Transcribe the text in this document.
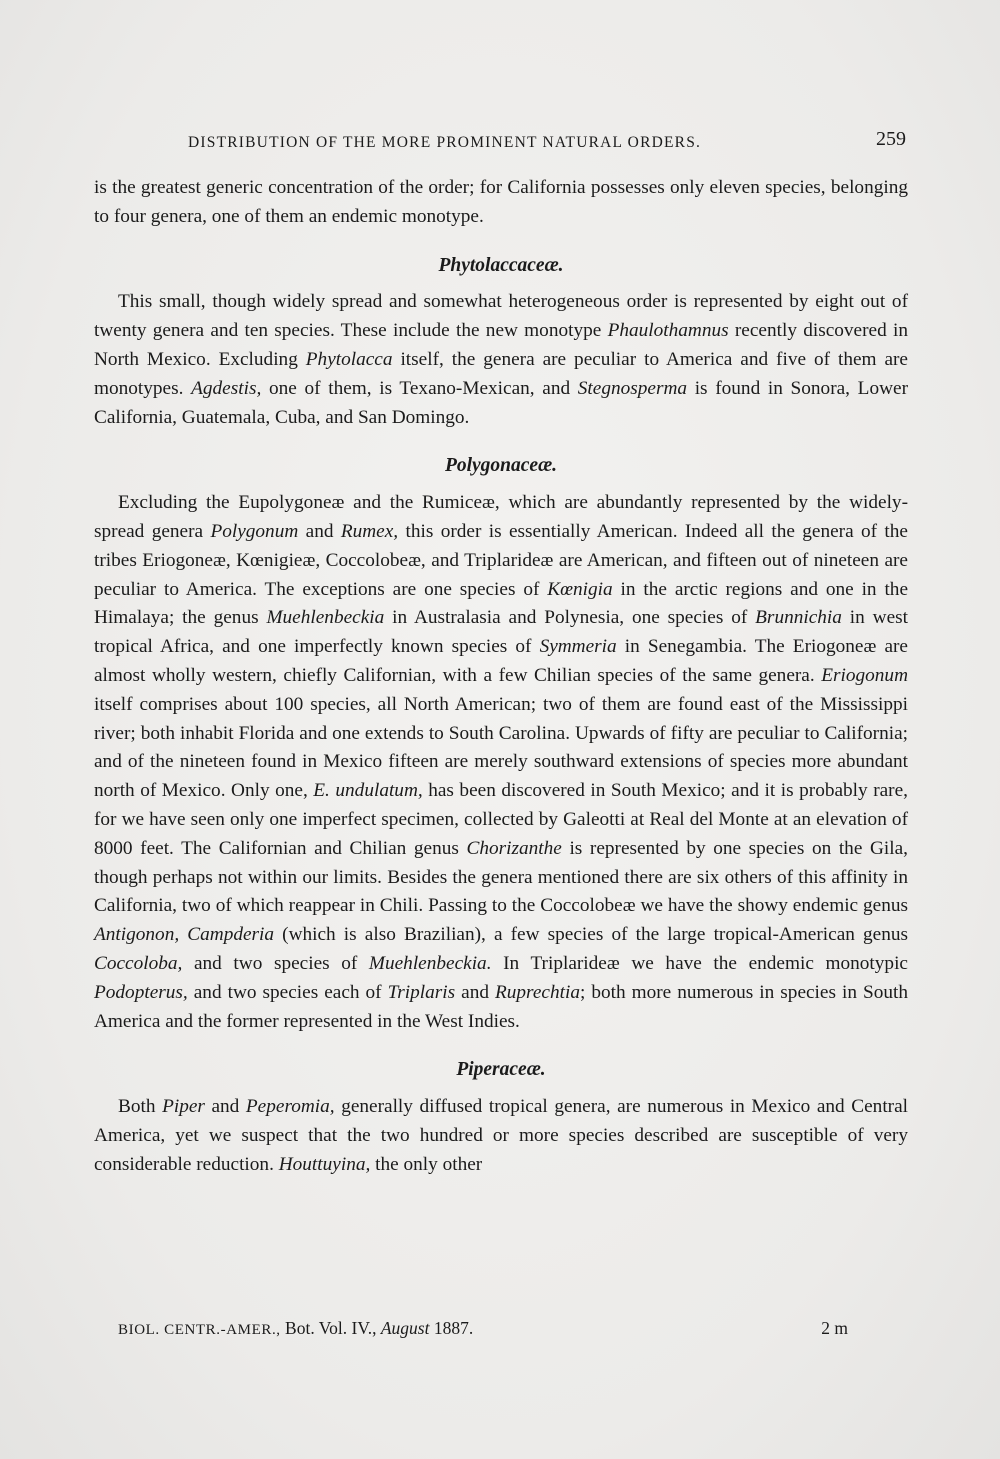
DISTRIBUTION OF THE MORE PROMINENT NATURAL ORDERS.	259

is the greatest generic concentration of the order; for California possesses only eleven species, belonging to four genera, one of them an endemic monotype.

Phytolaccaceæ.

This small, though widely spread and somewhat heterogeneous order is represented by eight out of twenty genera and ten species. These include the new monotype Phaulothamnus recently discovered in North Mexico. Excluding Phytolacca itself, the genera are peculiar to America and five of them are monotypes. Agdestis, one of them, is Texano-Mexican, and Stegnosperma is found in Sonora, Lower California, Guatemala, Cuba, and San Domingo.

Polygonaceæ.

Excluding the Eupolygoneæ and the Rumiceæ, which are abundantly represented by the widely-spread genera Polygonum and Rumex, this order is essentially American. Indeed all the genera of the tribes Eriogoneæ, Kœnigieæ, Coccolobeæ, and Triplarideæ are American, and fifteen out of nineteen are peculiar to America. The exceptions are one species of Kœnigia in the arctic regions and one in the Himalaya; the genus Muehlenbeckia in Australasia and Polynesia, one species of Brunnichia in west tropical Africa, and one imperfectly known species of Symmeria in Senegambia. The Eriogoneæ are almost wholly western, chiefly Californian, with a few Chilian species of the same genera. Eriogonum itself comprises about 100 species, all North American; two of them are found east of the Mississippi river; both inhabit Florida and one extends to South Carolina. Upwards of fifty are peculiar to California; and of the nineteen found in Mexico fifteen are merely southward extensions of species more abundant north of Mexico. Only one, E. undulatum, has been discovered in South Mexico; and it is probably rare, for we have seen only one imperfect specimen, collected by Galeotti at Real del Monte at an elevation of 8000 feet. The Californian and Chilian genus Chorizanthe is represented by one species on the Gila, though perhaps not within our limits. Besides the genera mentioned there are six others of this affinity in California, two of which reappear in Chili. Passing to the Coccolobeæ we have the showy endemic genus Antigonon, Campderia (which is also Brazilian), a few species of the large tropical-American genus Coccoloba, and two species of Muehlenbeckia. In Triplarideæ we have the endemic monotypic Podopterus, and two species each of Triplaris and Ruprechtia; both more numerous in species in South America and the former represented in the West Indies.

Piperaceæ.

Both Piper and Peperomia, generally diffused tropical genera, are numerous in Mexico and Central America, yet we suspect that the two hundred or more species described are susceptible of very considerable reduction. Houttuyina, the only other

BIOL. CENTR.-AMER., Bot. Vol. IV., August 1887.	2 m
